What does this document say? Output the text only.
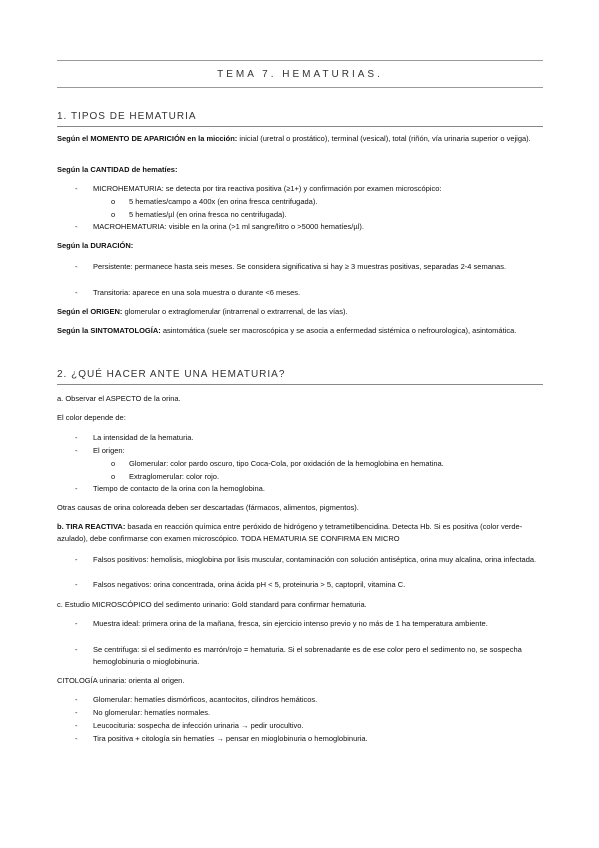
TEMA 7. HEMATURIAS.
1. TIPOS DE HEMATURIA
Según el MOMENTO DE APARICIÓN en la micción: inicial (uretral o prostático), terminal (vesical), total (riñón, vía urinaria superior o vejiga).
Según la CANTIDAD de hematíes:
-	MICROHEMATURIA: se detecta por tira reactiva positiva (≥1+) y confirmación por examen microscópico:
o	5 hematíes/campo a 400x (en orina fresca centrifugada).
o	5 hematíes/µl (en orina fresca no centrifugada).
-	MACROHEMATURIA: visible en la orina (>1 ml sangre/litro o >5000 hematíes/µl).
Según la DURACIÓN:
-	Persistente: permanece hasta seis meses. Se considera significativa si hay ≥ 3 muestras positivas, separadas 2-4 semanas.
-	Transitoria: aparece en una sola muestra o durante <6 meses.
Según el ORIGEN: glomerular o extraglomerular (intrarrenal o extrarrenal, de las vías).
Según la SINTOMATOLOGÍA: asintomática (suele ser macroscópica y se asocia a enfermedad sistémica o nefrourologica), asintomática.
2. ¿QUÉ HACER ANTE UNA HEMATURIA?
a. Observar el ASPECTO de la orina.
El color depende de:
-	La intensidad de la hematuria.
-	El origen:
o	Glomerular: color pardo oscuro, tipo Coca-Cola, por oxidación de la hemoglobina en hematina.
o	Extraglomerular: color rojo.
-	Tiempo de contacto de la orina con la hemoglobina.
Otras causas de orina coloreada deben ser descartadas (fármacos, alimentos, pigmentos).
b. TIRA REACTIVA: basada en reacción química entre peróxido de hidrógeno y tetrametilbencidina. Detecta Hb. Si es positiva (color verde-azulado), debe confirmarse con examen microscópico. TODA HEMATURIA SE CONFIRMA EN MICRO
-	Falsos positivos: hemolisis, mioglobina por lisis muscular, contaminación con solución antiséptica, orina muy alcalina, orina infectada.
-	Falsos negativos: orina concentrada, orina ácida pH < 5, proteinuria > 5, captopril, vitamina C.
c. Estudio MICROSCÓPICO del sedimento urinario: Gold standard para confirmar hematuria.
-	Muestra ideal: primera orina de la mañana, fresca, sin ejercicio intenso previo y no más de 1 ha temperatura ambiente.
-	Se centrifuga: si el sedimento es marrón/rojo = hematuria. Si el sobrenadante es de ese color pero el sedimento no, se sospecha hemoglobinuria o mioglobinuria.
CITOLOGÍA urinaria: orienta al origen.
-	Glomerular: hematíes dismórficos, acantocitos, cilindros hemáticos.
-	No glomerular: hematíes normales.
-	Leucocituria: sospecha de infección urinaria → pedir urocultivo.
-	Tira positiva + citología sin hematíes → pensar en mioglobinuria o hemoglobinuria.
